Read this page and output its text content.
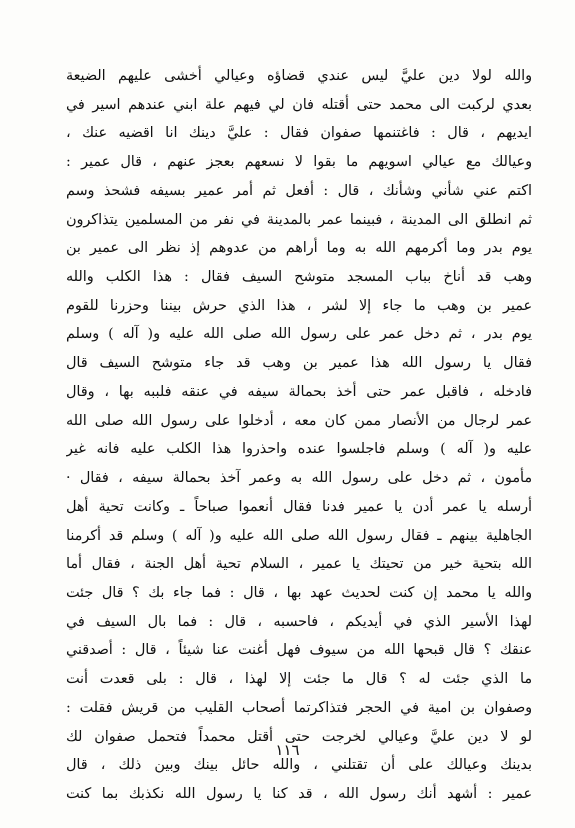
والله لولا دين عليَّ ليس عندي قضاؤه وعيالي أخشى عليهم الضيعة
بعدي لركبت الى محمد حتى أقتله فان لي فيهم علة ابني عندهم اسير في
ايديهم ، قال : فاغتنمها صفوان فقال : عليَّ دينك انا اقضيه عنك ،
وعيالك مع عيالي اسويهم ما بقوا لا نسعهم بعجز عنهم ، قال عمير :
اكتم عني شأني وشأنك ، قال : أفعل ثم أمر عمير بسيفه فشحذ وسم
ثم انطلق الى المدينة ، فبينما عمر بالمدينة في نفر من المسلمين يتذاكرون
يوم بدر وما أكرمهم الله به وما أراهم من عدوهم إذ نظر الى عمير بن
وهب قد أناخ بباب المسجد متوشح السيف فقال : هذا الكلب والله
عمير بن وهب ما جاء إلا لشر ، هذا الذي حرش بيننا وحزرنا للقوم
يوم بدر ، ثم دخل عمر على رسول الله صلى الله عليه و( آله ) وسلم
فقال يا رسول الله هذا عمير بن وهب قد جاء متوشح السيف قال
فادخله ، فاقبل عمر حتى أخذ بحمالة سيفه في عنقه فلببه بها ، وقال
عمر لرجال من الأنصار ممن كان معه ، أدخلوا على رسول الله صلى الله
عليه و( آله ) وسلم فاجلسوا عنده واحذروا هذا الكلب عليه فانه غير
مأمون ، ثم دخل على رسول الله به وعمر آخذ بحمالة سيفه ، فقال ·
أرسله يا عمر أدن يا عمير فدنا فقال أنعموا صباحاً ـ وكانت تحية أهل
الجاهلية بينهم ـ فقال رسول الله صلى الله عليه و( آله ) وسلم قد أكرمنا
الله بتحية خير من تحيتك يا عمير ، السلام تحية أهل الجنة ، فقال أما
والله يا محمد إن كنت لحديث عهد بها ، قال : فما جاء بك ؟ قال جئت
لهذا الأسير الذي في أيديكم ، فاحسبه ، قال : فما بال السيف في
عنقك ؟ قال قبحها الله من سيوف فهل أغنت عنا شيئاً ، قال : أصدقني
ما الذي جئت له ؟ قال ما جئت إلا لهذا ، قال : بلى قعدت أنت
وصفوان بن امية في الحجر فتذاكرتما أصحاب القليب من قريش فقلت :
لو لا دين عليَّ وعيالي لخرجت حتى أقتل محمداً فتحمل صفوان لك
بدينك وعيالك على أن تقتلني ، والله حائل بينك وبين ذلك ، قال
عمير : أشهد أنك رسول الله ، قد كنا يا رسول الله نكذبك بما كنت
١١٦
